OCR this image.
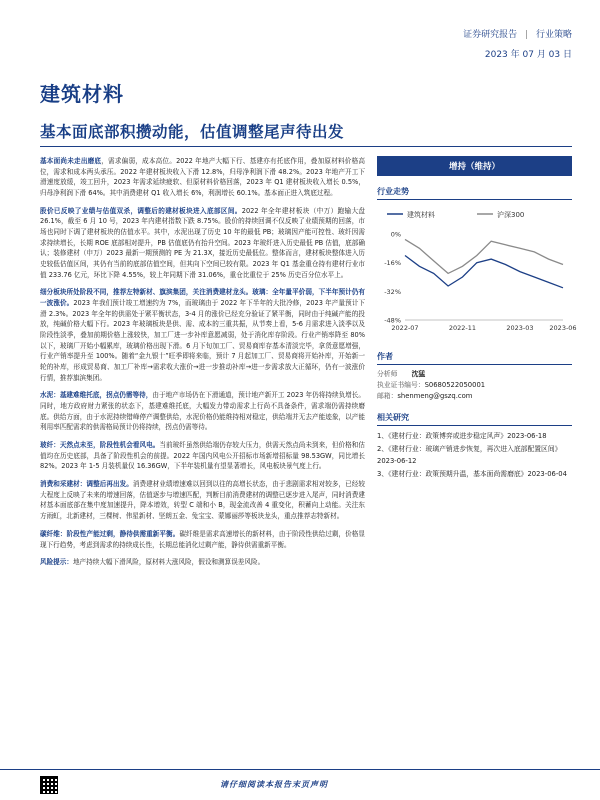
证券研究报告 | 行业策略
2023 年 07 月 03 日
建筑材料
基本面底部积攒动能，估值调整尾声待出发

基本面尚未走出磨底，需求偏弱，成本高位。2022 年地产大幅下行、基建亦有托底作用，叠加原材料价格高位，需求和成本两头承压。2022 年建材板块收入下滑 12.8%，归母净利润下滑 48.2%。2023 年地产开工下滑速度放缓，竣工回升，2023 年需求延续疲软、但原材料价格回落，2023 年 Q1 建材板块收入增长 0.5%，归母净利润下滑 64%。其中消费建材 Q1 收入增长 6%，利润增长 60.1%。基本面正进入筑底过程。

股价已反映了业绩与估值双杀，调整后的建材板块进入底部区间。2022 年全年建材板块（中万）跑输大盘 26.1%，截至 6 月 10 号，2023 年内建材指数下跌 8.75%。股价的持续回调不仅反映了业绩预期的回落，市场也同时下调了建材板块的估值水平。其中，水泥出现了历史 10 年的最低 PB；玻璃因产能可控性、玻纤因需求持续增长，长期 ROE 底部相对提升，PB 估值底仍有抬升空间。2023 年玻纤进入历史最低 PB 估值，底部确认；装修建材（申万）2023 最新一期预测的 PE 为 21.3X，接近历史最低位。整体而言，建材板块整体进入历史较低估值区间，其仍有当前的底部估值空间，但其向下空间已较有限。2023 年 Q1 基金重仓持有建材行业市值 233.76 亿元，环比下降 4.55%，较上年同期下滑 31.06%，重仓比重位于 25% 历史百分位水平上。

细分板块所处阶段不同，推荐左特新材、旗滨集团，关注消费建材龙头。玻璃：全年量平价弱，下半年预计仍有一波涨价。2023 年我们预计竣工增速约为 7%，而玻璃由于 2022 年下半年的大批冷修，2023 年产量预计下滑 2.3%。2023 年全年的供需处于紧平衡状态，3-4 月的涨价已经充分验证了紧平衡，同时由于纯碱产能的投放，纯碱价格大幅下行。2023 年玻璃板块是供、需、成本的三重共振，从节奏上看，5-6 月需求进入淡季以及阶段性淡季，叠加前期价格上涨较快，加工厂进一步补库意愿减弱，处于消化库存阶段。行业产销率降至 80%以下，玻璃厂开始小幅累库，玻璃价格出现下滑。6 月下旬加工厂、贸易商库存基本清淡完毕，拿货意愿增强，行业产销率提升至 100%。随着“金九银十”旺季即将来临，预计 7 月起加工厂、贸易商将开始补库，开始新一轮的补库，形成贸易商、加工厂补库→需求收大涨价→进一步推动补库→进一步需求放大正循环，仍有一波涨价行情，推荐旗滨集团。

水泥：基建难维托底，拐点仍需等待，由于地产市场仍在下滑通道，预计地产新开工 2023 年仍将持续负增长。同时，地方政府财力紧张的状态下，基建难维托底，大幅发力带动需求上行尚不具备条件，需求端仍需持续磨底。供给方面，由于水泥持续错峰停产调整供给，水泥价格仍能维持相对稳定，供给端并无去产能迹象，以产能利用率匹配需求的供需格局预计仍将持续，拐点仍需等待。

玻纤：天然点未至，阶段性机会看风电。当前玻纤虽然供给端仍存较大压力，供需天然点尚未到来，但价格和估值均在历史底部，具备了阶段性机会的前提。2022 年国内风电公开招标市场新增招标量 98.53GW，同比增长 82%。2023 年 1-5 月装机量仅 16.36GW，下半年装机量有望显著增长，风电板块景气度上行。

消费和采建材：调整后再出发。消费建材业绩增速难以回到以往的高增长状态，由于悲剧需求相对较多，已经较大程度上反映了未来的增速回落，估值逐步与增速匹配，判断目前消费建材的调整已逐步进入尾声，同时消费建材基本面底部在集中度加速提升，降本增效，转型 C 端和小 B，现金流改善 4 重变化，积蓄向上动能。关注东方雨虹，北新建材，三棵树、伟星新材、坚朗五金、兔宝宝、蒙娜丽莎等板块龙头，重点推荐志特新材。

碳纤维：阶段性产能过剩，静待供需重新平衡。碳纤维是需求高速增长的新材料，由于阶段性供给过剩，价格显现下行趋势，考虑到需求的持续成长性，长期总能消化过剩产能，静待供需重新平衡。

风险提示：地产持续大幅下滑风险，原材料大涨风险，假设和测算误差风险。

增持（维持）
行业走势
建筑材料	沪深300
0%
-16%
-32%
-48%
2022-07	2022-11	2023-03 2023-06
作者
分析师 沈猛
执业证书编号：S0680522050001
邮箱：shenmeng@gszq.com
相关研究
1、《建材行业：政策博弈或进步稳定风声》2023-06-18
2、《建材行业：玻璃产销进步恢复，再次进入底部配置区间》2023-06-12
3、《建材行业：政策预期升温，基本面尚需磨底》2023-06-04
请仔细阅读本报告末页声明
